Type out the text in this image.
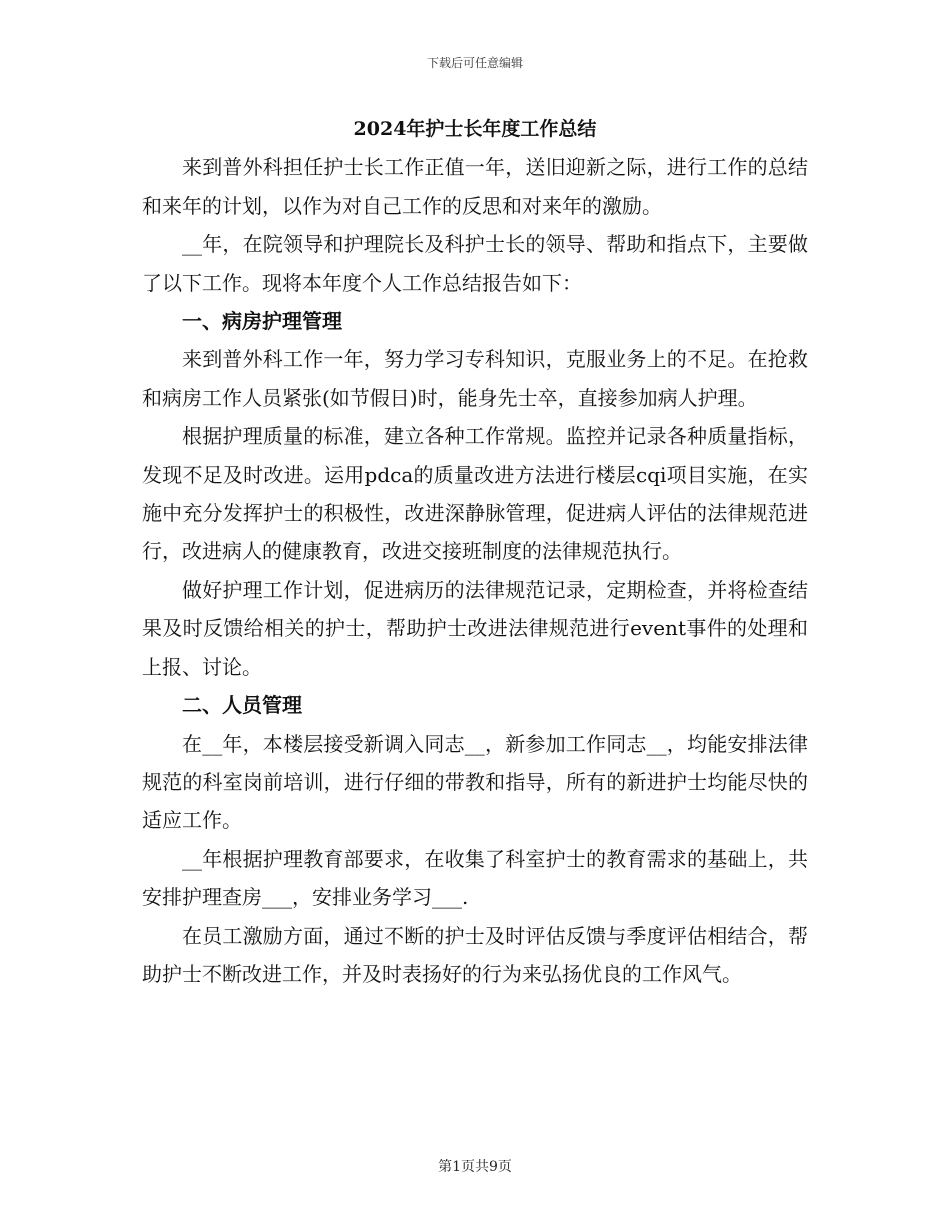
下载后可任意编辑

2024年护士长年度工作总结

来到普外科担任护士长工作正值一年，送旧迎新之际，进行工作的总结和来年的计划，以作为对自己工作的反思和对来年的激励。

__年，在院领导和护理院长及科护士长的领导、帮助和指点下，主要做了以下工作。现将本年度个人工作总结报告如下：

一、病房护理管理

来到普外科工作一年，努力学习专科知识，克服业务上的不足。在抢救和病房工作人员紧张(如节假日)时，能身先士卒，直接参加病人护理。

根据护理质量的标准，建立各种工作常规。监控并记录各种质量指标，发现不足及时改进。运用pdca的质量改进方法进行楼层cqi项目实施，在实施中充分发挥护士的积极性，改进深静脉管理，促进病人评估的法律规范进行，改进病人的健康教育，改进交接班制度的法律规范执行。

做好护理工作计划，促进病历的法律规范记录，定期检查，并将检查结果及时反馈给相关的护士，帮助护士改进法律规范进行event事件的处理和上报、讨论。

二、人员管理

在__年，本楼层接受新调入同志__，新参加工作同志__，均能安排法律规范的科室岗前培训，进行仔细的带教和指导，所有的新进护士均能尽快的适应工作。

__年根据护理教育部要求，在收集了科室护士的教育需求的基础上，共安排护理查房___，安排业务学习___.

在员工激励方面，通过不断的护士及时评估反馈与季度评估相结合，帮助护士不断改进工作，并及时表扬好的行为来弘扬优良的工作风气。

第1页共9页
